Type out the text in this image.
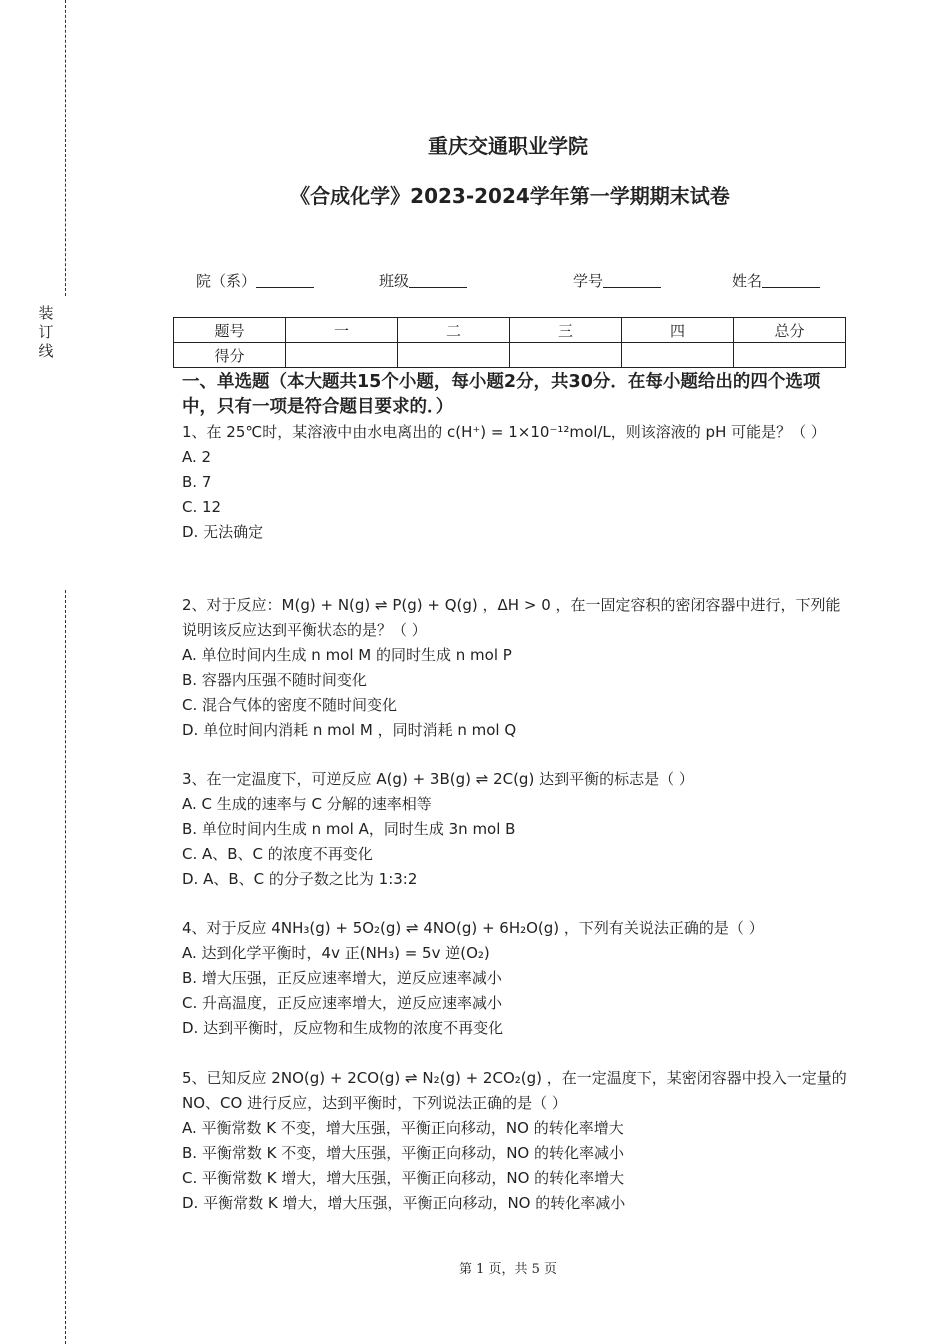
装
订
线
重庆交通职业学院
《合成化学》2023-2024学年第一学期期末试卷
院（系）	班级	学号	姓名
题号	一	二	三	四	总分
得分					
一、单选题（本大题共15个小题，每小题2分，共30分．在每小题给出的四个选项中，只有一项是符合题目要求的．）
1、在 25℃时，某溶液中由水电离出的 c(H⁺) = 1×10⁻¹²mol/L，则该溶液的 pH 可能是？（ ）
A. 2
B. 7
C. 12
D. 无法确定
2、对于反应：M(g) + N(g) ⇌ P(g) + Q(g) ，ΔH > 0 ，在一固定容积的密闭容器中进行，下列能说明该反应达到平衡状态的是？（ ）
A. 单位时间内生成 n mol M 的同时生成 n mol P
B. 容器内压强不随时间变化
C. 混合气体的密度不随时间变化
D. 单位时间内消耗 n mol M ，同时消耗 n mol Q
3、在一定温度下，可逆反应 A(g) + 3B(g) ⇌ 2C(g) 达到平衡的标志是（ ）
A. C 生成的速率与 C 分解的速率相等
B. 单位时间内生成 n mol A，同时生成 3n mol B
C. A、B、C 的浓度不再变化
D. A、B、C 的分子数之比为 1:3:2
4、对于反应 4NH₃(g) + 5O₂(g) ⇌ 4NO(g) + 6H₂O(g) ，下列有关说法正确的是（ ）
A. 达到化学平衡时，4v 正(NH₃) = 5v 逆(O₂)
B. 增大压强，正反应速率增大，逆反应速率减小
C. 升高温度，正反应速率增大，逆反应速率减小
D. 达到平衡时，反应物和生成物的浓度不再变化
5、已知反应 2NO(g) + 2CO(g) ⇌ N₂(g) + 2CO₂(g) ，在一定温度下，某密闭容器中投入一定量的 NO、CO 进行反应，达到平衡时，下列说法正确的是（ ）
A. 平衡常数 K 不变，增大压强，平衡正向移动，NO 的转化率增大
B. 平衡常数 K 不变，增大压强，平衡正向移动，NO 的转化率减小
C. 平衡常数 K 增大，增大压强，平衡正向移动，NO 的转化率增大
D. 平衡常数 K 增大，增大压强，平衡正向移动，NO 的转化率减小
第 1 页，共 5 页
